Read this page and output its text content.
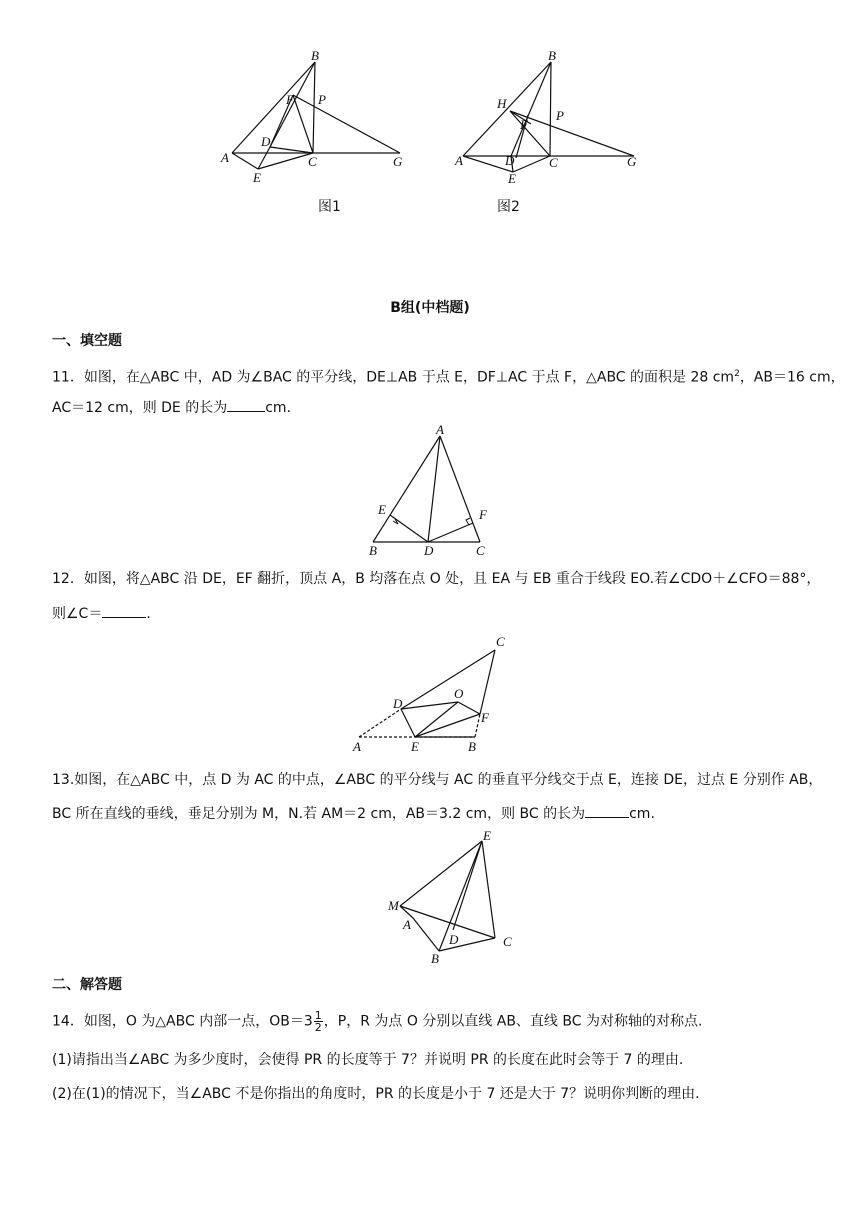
B
F P
D
A	C	G
E
图1
B
H
P
F
A	D	C	G
E
图2
B组(中档题)
一、填空题
11．如图，在△ABC 中，AD 为∠BAC 的平分线，DE⊥AB 于点 E，DF⊥AC 于点 F，△ABC 的面积是 28 $cm^2$，AB＝16 cm，
AC＝12 cm，则 DE 的长为	cm.
A
E	F
B	D	C
12．如图，将△ABC 沿 DE，EF 翻折，顶点 A，B 均落在点 O 处，且 EA 与 EB 重合于线段 EO.若∠CDO＋∠CFO＝88°，
则∠C＝	.
C
D
O
F
A	E	B
13.如图，在△ABC 中，点 D 为 AC 的中点，∠ABC 的平分线与 AC 的垂直平分线交于点 E，连接 DE，过点 E 分别作 AB，
BC 所在直线的垂线，垂足分别为 M，N.若 AM＝2 cm，AB＝3.2 cm，则 BC 的长为	cm.
E
M
A
D	C
B
二、解答题
14．如图，O 为△ABC 内部一点，$OB=3 \frac{1}{2}$ ，P，R 为点 O 分别以直线 AB、直线 BC 为对称轴的对称点.
(1)请指出当∠ABC 为多少度时，会使得 PR 的长度等于 7？并说明 PR 的长度在此时会等于 7 的理由.
(2)在(1)的情况下，当∠ABC 不是你指出的角度时，PR 的长度是小于 7 还是大于 7？说明你判断的理由.
